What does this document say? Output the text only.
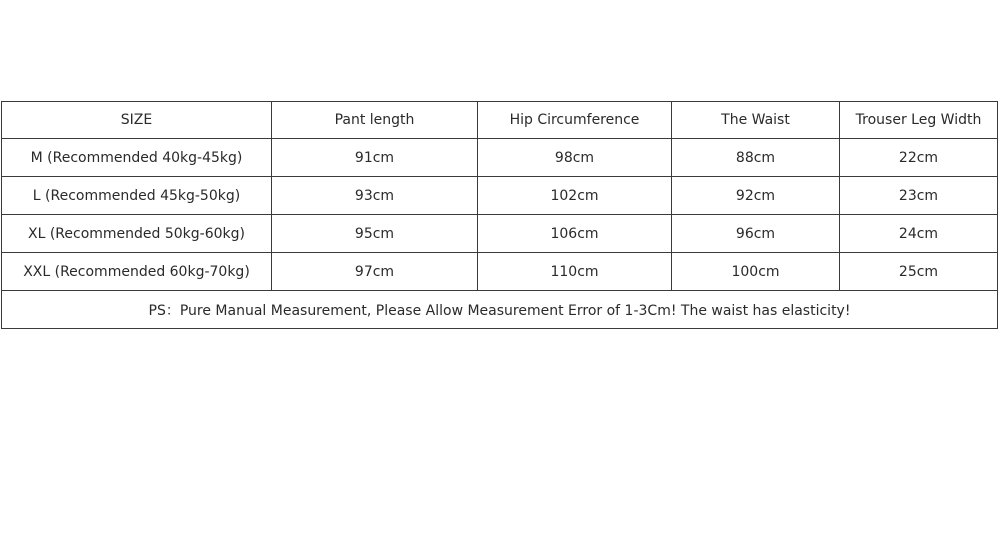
SIZE	Pant length	Hip Circumference	The Waist	Trouser Leg Width
M (Recommended 40kg-45kg)	91cm	98cm	88cm	22cm
L (Recommended 45kg-50kg)	93cm	102cm	92cm	23cm
XL (Recommended 50kg-60kg)	95cm	106cm	96cm	24cm
XXL (Recommended 60kg-70kg)	97cm	110cm	100cm	25cm
PS：Pure Manual Measurement, Please Allow Measurement Error of 1-3Cm! The waist has elasticity!				
